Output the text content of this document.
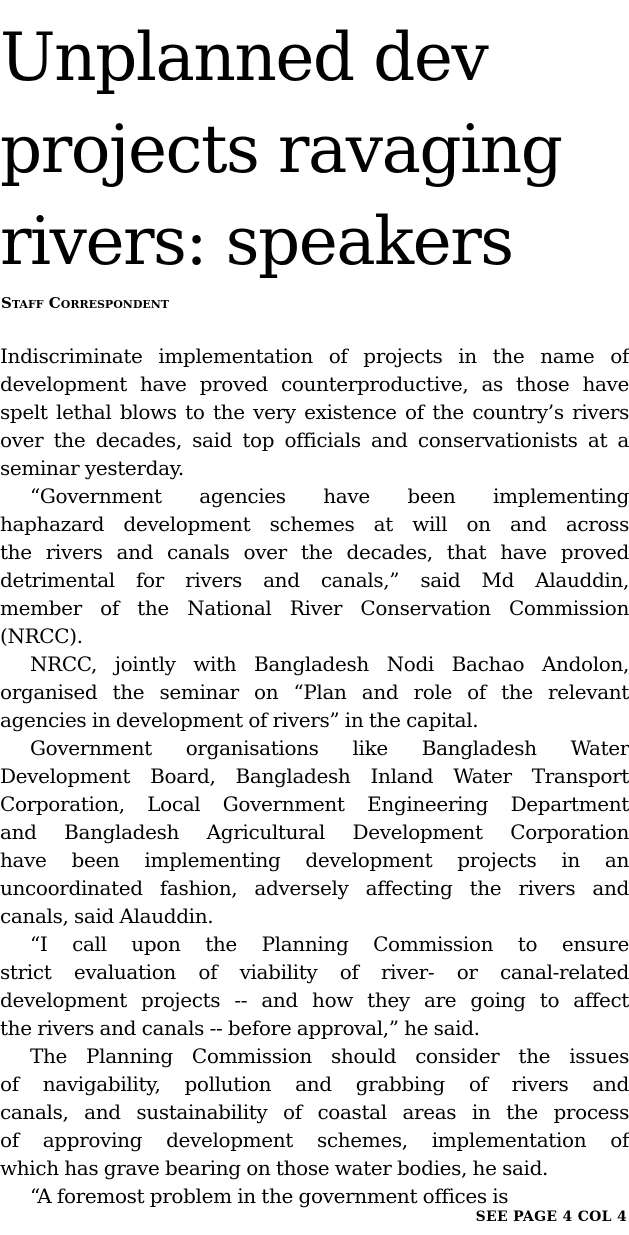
Unplanned dev
projects ravaging
rivers: speakers
Staff Correspondent

Indiscriminate implementation of projects in the name of
development have proved counterproductive, as those have
spelt lethal blows to the very existence of the country’s rivers
over the decades, said top officials and conservationists at a
seminar yesterday.

“Government agencies have been implementing
haphazard development schemes at will on and across
the rivers and canals over the decades, that have proved
detrimental for rivers and canals,” said Md Alauddin,
member of the National River Conservation Commission
(NRCC).

NRCC, jointly with Bangladesh Nodi Bachao Andolon,
organised the seminar on “Plan and role of the relevant
agencies in development of rivers” in the capital.

Government organisations like Bangladesh Water
Development Board, Bangladesh Inland Water Transport
Corporation, Local Government Engineering Department
and Bangladesh Agricultural Development Corporation
have been implementing development projects in an
uncoordinated fashion, adversely affecting the rivers and
canals, said Alauddin.

“I call upon the Planning Commission to ensure
strict evaluation of viability of river- or canal-related
development projects -- and how they are going to affect
the rivers and canals -- before approval,” he said.

The Planning Commission should consider the issues
of navigability, pollution and grabbing of rivers and
canals, and sustainability of coastal areas in the process
of approving development schemes, implementation of
which has grave bearing on those water bodies, he said.

“A foremost problem in the government offices is

SEE PAGE 4 COL 4
